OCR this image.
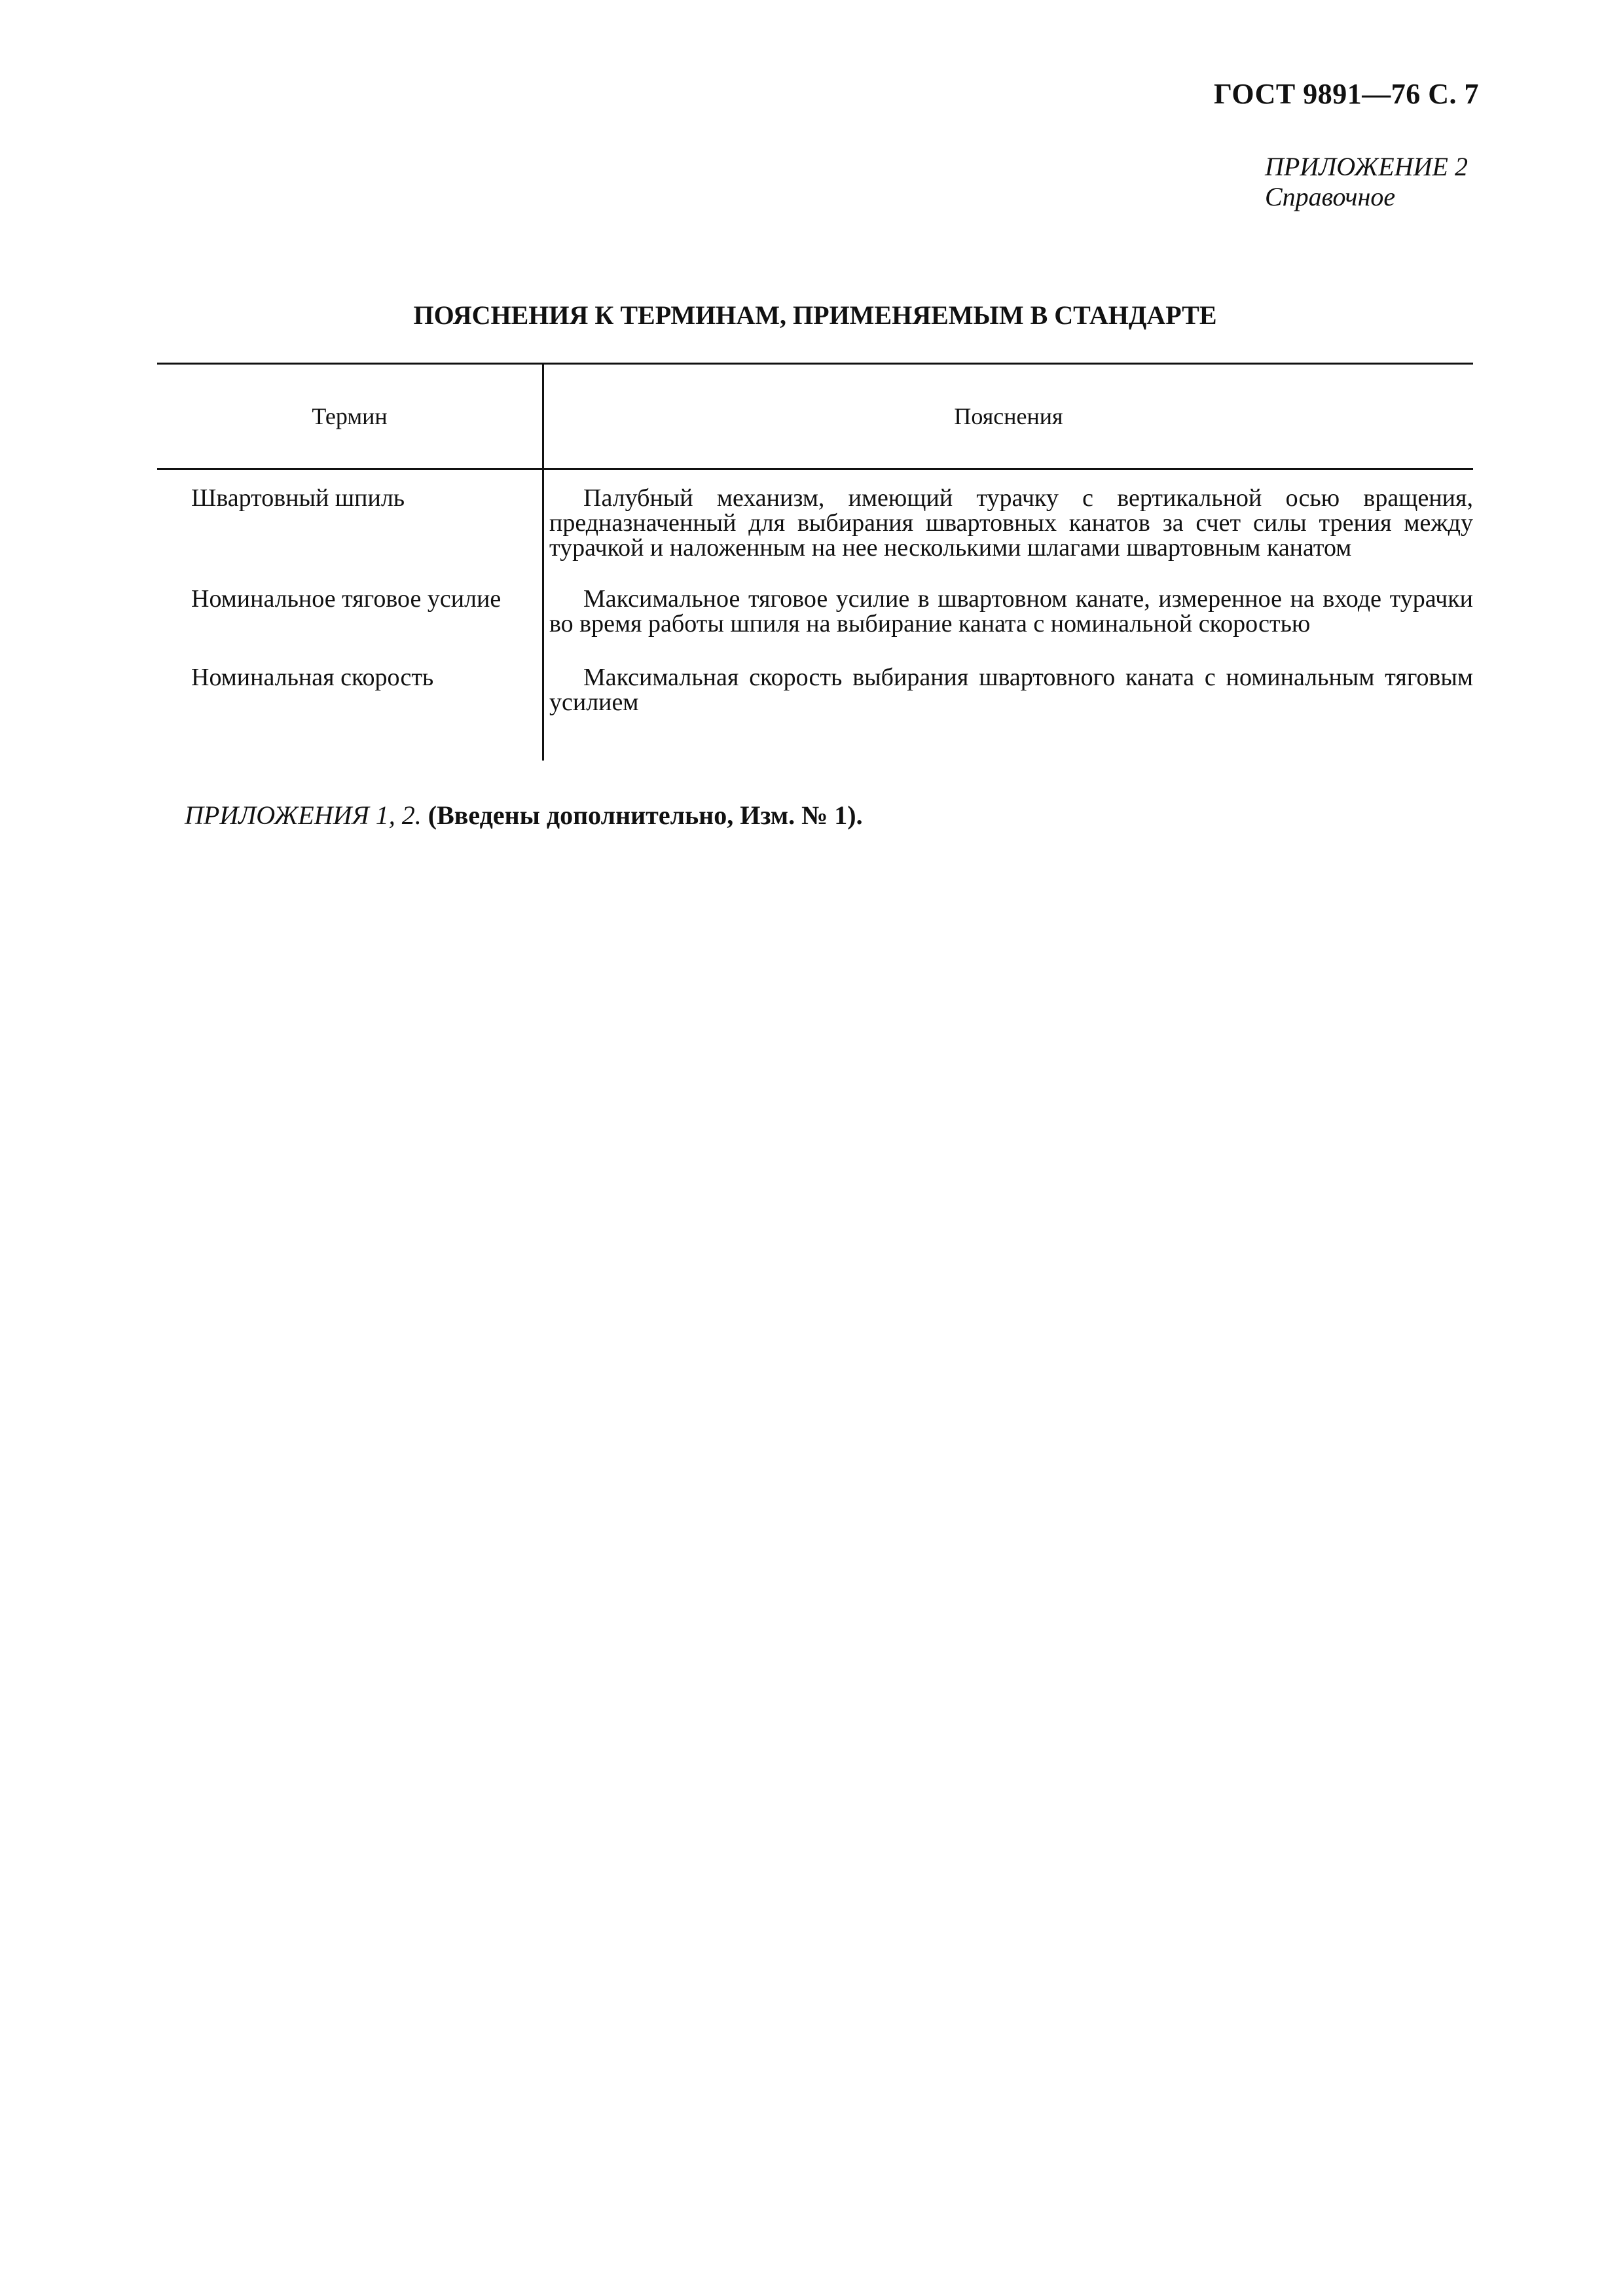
ГОСТ 9891—76 С. 7
ПРИЛОЖЕНИЕ 2
Справочное
ПОЯСНЕНИЯ К ТЕРМИНАМ, ПРИМЕНЯЕМЫМ В СТАНДАРТЕ
Термин	Пояснения
Швартовный шпиль	Палубный механизм, имеющий турачку с вертикальной осью вращения, предназначенный для выбирания швартовных канатов за счет силы трения между турачкой и наложенным на нее несколькими шлагами швартовным канатом
Номинальное тяговое усилие	Максимальное тяговое усилие в швартовном канате, измеренное на входе турачки во время работы шпиля на выбирание каната с номинальной скоростью
Номинальная скорость	Максимальная скорость выбирания швартовного каната с номинальным тяговым усилием
ПРИЛОЖЕНИЯ 1, 2. (Введены дополнительно, Изм. № 1).
